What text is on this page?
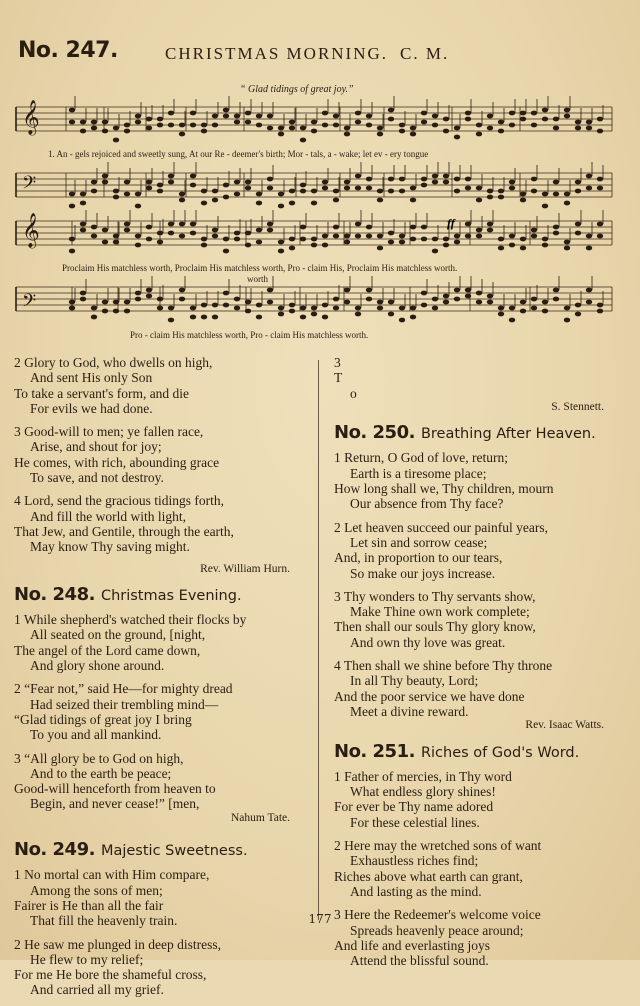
No. 247.	CHRISTMAS MORNING. C. M.
“ Glad tidings of great joy.”
𝄞
𝄢
𝄞
𝄢
ff
1. An - gels rejoiced and sweetly sung, At our Re - deemer's birth; Mor - tals, a - wake; let ev - ery tongue
Proclaim His matchless worth, Proclaim His matchless worth, Pro - claim His, Proclaim His matchless worth.
worth
Pro - claim His matchless worth, Pro - claim His matchless worth.
2 Glory to God, who dwells on high,
And sent His only Son
To take a servant's form, and die
For evils we had done.
3 Good-will to men; ye fallen race,
Arise, and shout for joy;
He comes, with rich, abounding grace
To save, and not destroy.
4 Lord, send the gracious tidings forth,
And fill the world with light,
That Jew, and Gentile, through the earth,
May know Thy saving might.
Rev. William Hurn.
No. 248. Christmas Evening.
1 While shepherd's watched their flocks by
All seated on the ground, [night,
The angel of the Lord came down,
And glory shone around.
2 “Fear not,” said He—for mighty dread
Had seized their trembling mind—
“Glad tidings of great joy I bring
To you and all mankind.
3 “All glory be to God on high,
And to the earth be peace;
Good-will henceforth from heaven to
Begin, and never cease!” [men,
Nahum Tate.
No. 249. Majestic Sweetness.
1 No mortal can with Him compare,
Among the sons of men;
Fairer is He than all the fair
That fill the heavenly train.
2 He saw me plunged in deep distress,
He flew to my relief;
For me He bore the shameful cross,
And carried all my grief.
3
T
o
S. Stennett.
No. 250. Breathing After Heaven.
1 Return, O God of love, return;
Earth is a tiresome place;
How long shall we, Thy children, mourn
Our absence from Thy face?
2 Let heaven succeed our painful years,
Let sin and sorrow cease;
And, in proportion to our tears,
So make our joys increase.
3 Thy wonders to Thy servants show,
Make Thine own work complete;
Then shall our souls Thy glory know,
And own thy love was great.
4 Then shall we shine before Thy throne
In all Thy beauty, Lord;
And the poor service we have done
Meet a divine reward.
Rev. Isaac Watts.
No. 251. Riches of God's Word.
1 Father of mercies, in Thy word
What endless glory shines!
For ever be Thy name adored
For these celestial lines.
2 Here may the wretched sons of want
Exhaustless riches find;
Riches above what earth can grant,
And lasting as the mind.
3 Here the Redeemer's welcome voice
Spreads heavenly peace around;
And life and everlasting joys
Attend the blissful sound.
177
